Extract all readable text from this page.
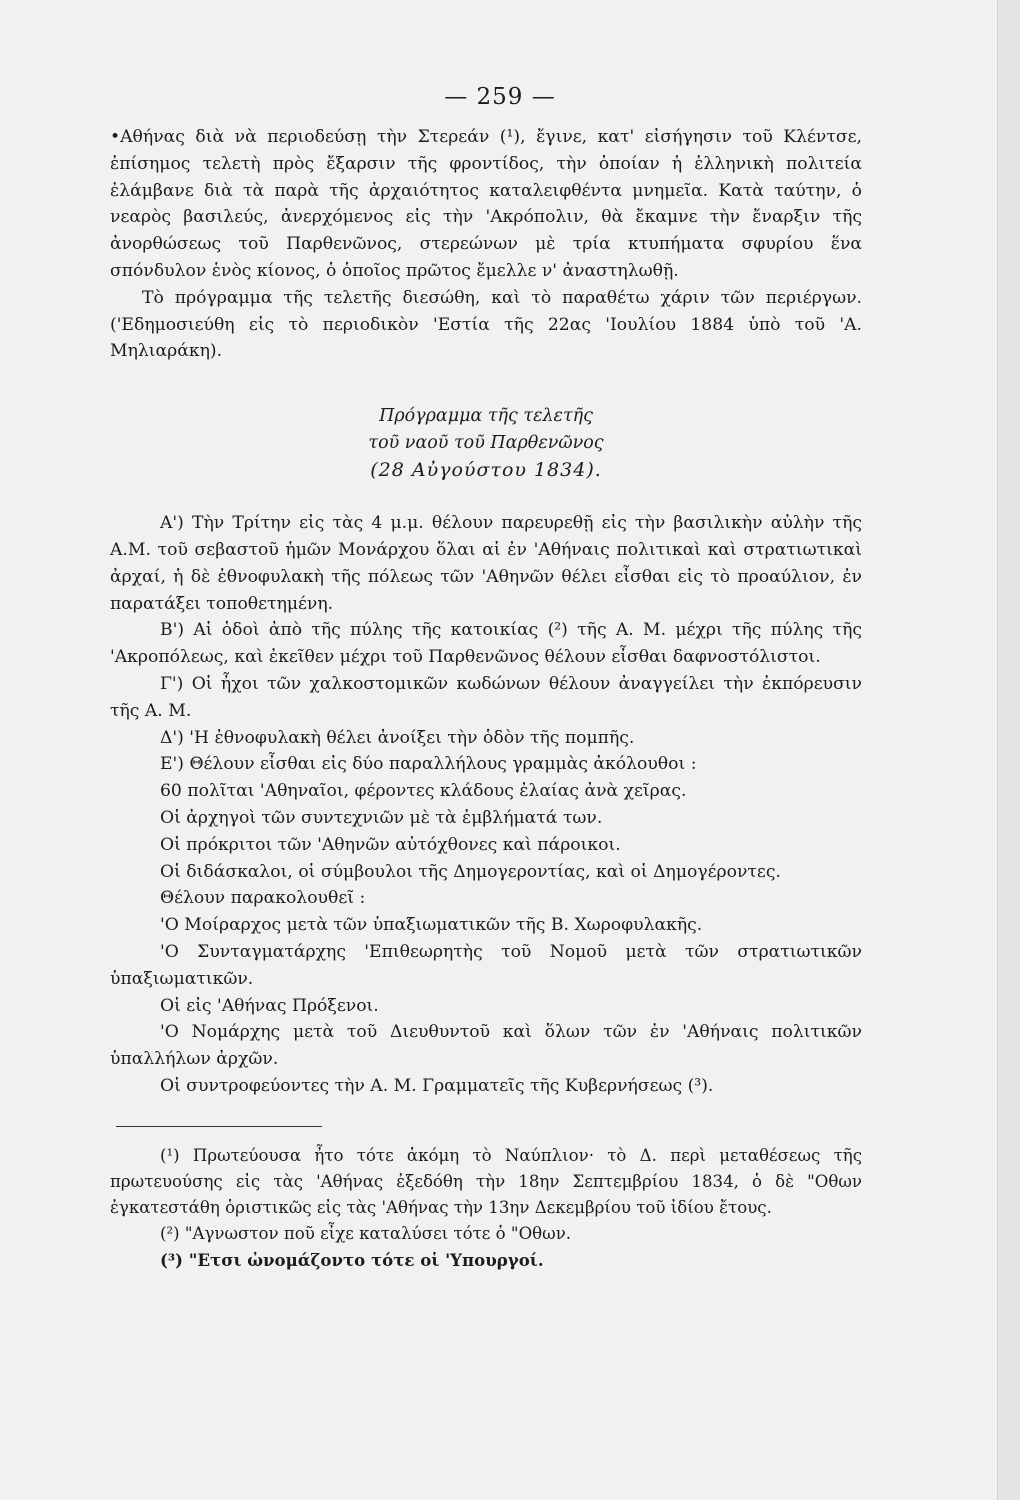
— 259 —

•Αθήνας διὰ νὰ περιοδεύσῃ τὴν Στερεάν (¹), ἔγινε, κατ' εἰσήγησιν τοῦ Κλέντσε, ἐπίσημος τελετὴ πρὸς ἔξαρσιν τῆς φροντίδος, τὴν ὁποίαν ἡ ἑλληνικὴ πολιτεία ἐλάμβανε διὰ τὰ παρὰ τῆς ἀρχαιότητος καταλειφθέντα μνημεῖα. Κατὰ ταύτην, ὁ νεαρὸς βασιλεύς, ἀνερχόμενος εἰς τὴν 'Ακρόπολιν, θὰ ἔκαμνε τὴν ἔναρξιν τῆς ἀνορθώσεως τοῦ Παρθενῶνος, στερεώνων μὲ τρία κτυπήματα σφυρίου ἕνα σπόνδυλον ἑνὸς κίονος, ὁ ὁποῖος πρῶτος ἔμελλε ν' ἀναστηλωθῇ.

Τὸ πρόγραμμα τῆς τελετῆς διεσώθη, καὶ τὸ παραθέτω χάριν τῶν περιέργων. ('Εδημοσιεύθη εἰς τὸ περιοδικὸν 'Εστία τῆς 22ας 'Ιουλίου 1884 ὑπὸ τοῦ 'Α. Μηλιαράκη).

Πρόγραμμα τῆς τελετῆς
τοῦ ναοῦ τοῦ Παρθενῶνος
(28 Αὐγούστου 1834).

Α') Τὴν Τρίτην εἰς τὰς 4 μ.μ. θέλουν παρευρεθῇ εἰς τὴν βασιλικὴν αὐλὴν τῆς Α.Μ. τοῦ σεβαστοῦ ἡμῶν Μονάρχου ὅλαι αἱ ἐν 'Αθήναις πολιτικαὶ καὶ στρατιωτικαὶ ἀρχαί, ἡ δὲ ἐθνοφυλακὴ τῆς πόλεως τῶν 'Αθηνῶν θέλει εἶσθαι εἰς τὸ προαύλιον, ἐν παρατάξει τοποθετημένη.

Β') Αἱ ὁδοὶ ἀπὸ τῆς πύλης τῆς κατοικίας (²) τῆς Α. Μ. μέχρι τῆς πύλης τῆς 'Ακροπόλεως, καὶ ἐκεῖθεν μέχρι τοῦ Παρθενῶνος θέλουν εἶσθαι δαφνοστόλιστοι.

Γ') Οἱ ἦχοι τῶν χαλκοστομικῶν κωδώνων θέλουν ἀναγγείλει τὴν ἐκπόρευσιν τῆς Α. Μ.

Δ') 'Η ἐθνοφυλακὴ θέλει ἀνοίξει τὴν ὁδὸν τῆς πομπῆς.

Ε') Θέλουν εἶσθαι εἰς δύο παραλλήλους γραμμὰς ἀκόλουθοι :

60 πολῖται 'Αθηναῖοι, φέροντες κλάδους ἐλαίας ἀνὰ χεῖρας.

Οἱ ἀρχηγοὶ τῶν συντεχνιῶν μὲ τὰ ἐμβλήματά των.

Οἱ πρόκριτοι τῶν 'Αθηνῶν αὐτόχθονες καὶ πάροικοι.

Οἱ διδάσκαλοι, οἱ σύμβουλοι τῆς Δημογεροντίας, καὶ οἱ Δημογέροντες.

Θέλουν παρακολουθεῖ :

'Ο Μοίραρχος μετὰ τῶν ὑπαξιωματικῶν τῆς Β. Χωροφυλακῆς.

'Ο Συνταγματάρχης 'Επιθεωρητὴς τοῦ Νομοῦ μετὰ τῶν στρατιωτικῶν ὑπαξιωματικῶν.

Οἱ εἰς 'Αθήνας Πρόξενοι.

'Ο Νομάρχης μετὰ τοῦ Διευθυντοῦ καὶ ὅλων τῶν ἐν 'Αθήναις πολιτικῶν ὑπαλλήλων ἀρχῶν.

Οἱ συντροφεύοντες τὴν Α. Μ. Γραμματεῖς τῆς Κυβερνήσεως (³).

(¹) Πρωτεύουσα ἦτο τότε ἀκόμη τὸ Ναύπλιον· τὸ Δ. περὶ μεταθέσεως τῆς πρωτευούσης εἰς τὰς 'Αθήνας ἐξεδόθη τὴν 18ην Σεπτεμβρίου 1834, ὁ δὲ "Οθων ἐγκατεστάθη ὁριστικῶς εἰς τὰς 'Αθήνας τὴν 13ην Δεκεμβρίου τοῦ ἰδίου ἔτους.

(²) "Αγνωστον ποῦ εἶχε καταλύσει τότε ὁ "Οθων.

(³) "Ετσι ὠνομάζοντο τότε οἱ 'Υπουργοί.
